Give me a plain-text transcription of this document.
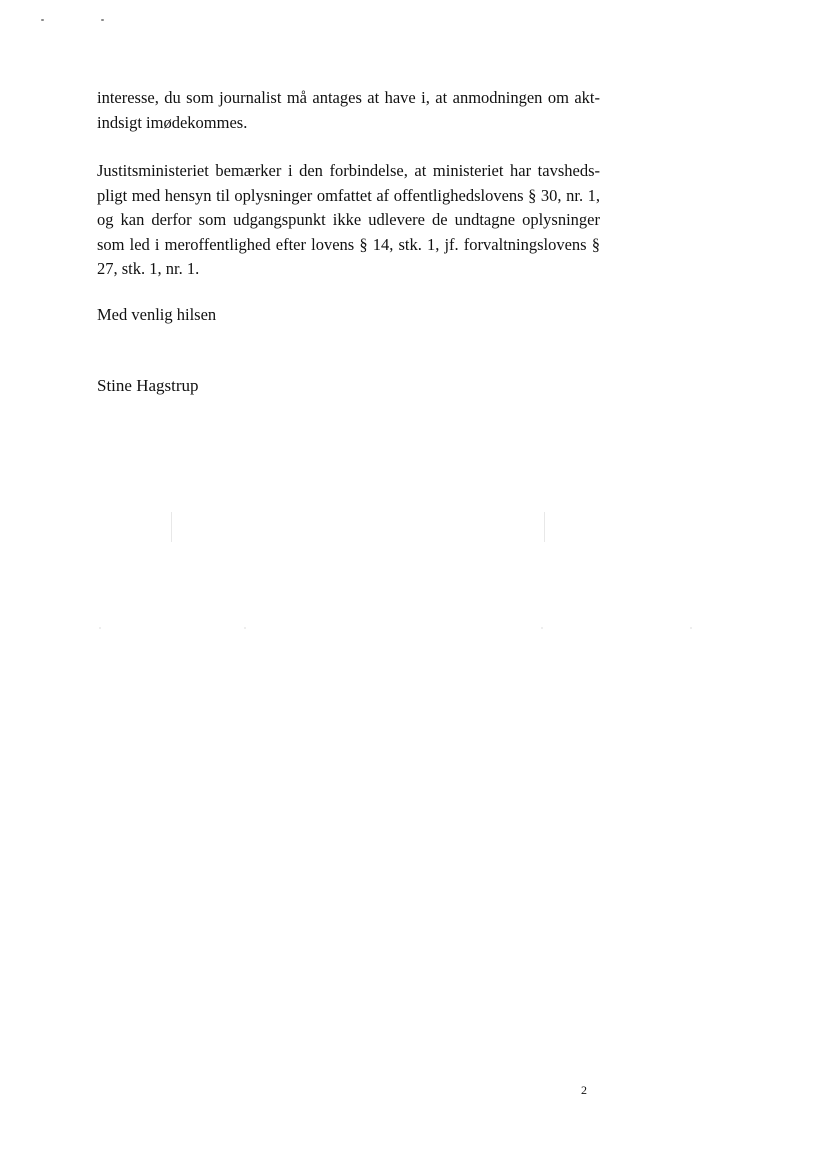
interesse, du som journalist må antages at have i, at anmodningen om akt-
indsigt imødekommes.

Justitsministeriet bemærker i den forbindelse, at ministeriet har tavsheds-
pligt med hensyn til oplysninger omfattet af offentlighedslovens § 30, nr. 1,
og kan derfor som udgangspunkt ikke udlevere de undtagne oplysninger
som led i meroffentlighed efter lovens § 14, stk. 1, jf. forvaltningslovens §
27, stk. 1, nr. 1.

Med venlig hilsen

Stine Hagstrup

2
